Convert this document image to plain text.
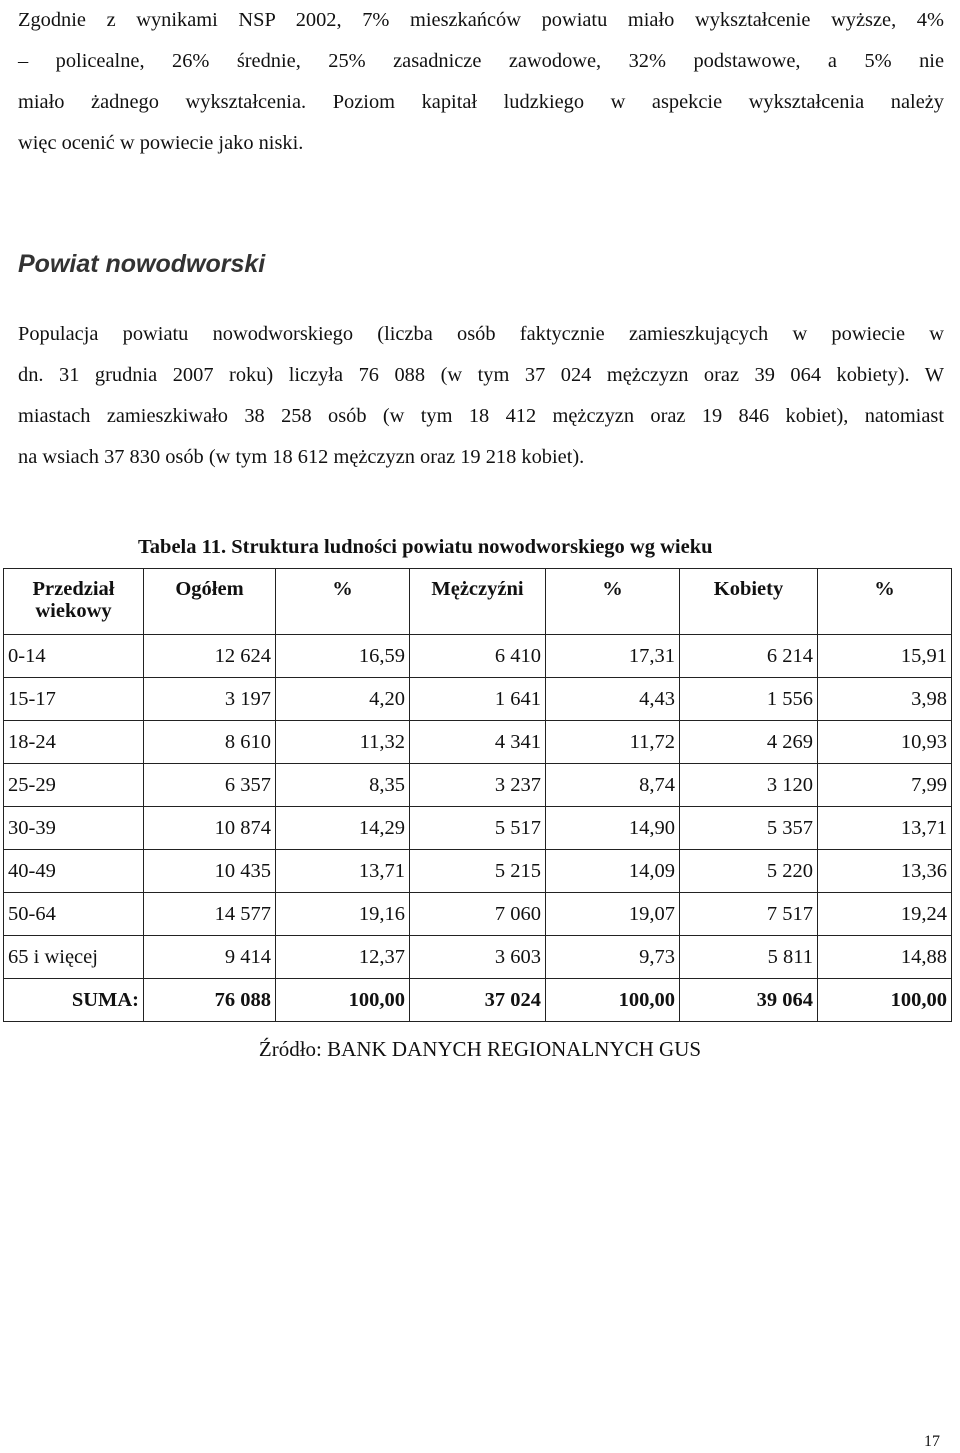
Zgodnie z wynikami NSP 2002, 7% mieszkańców powiatu miało wykształcenie wyższe, 4%
– policealne, 26% średnie, 25% zasadnicze zawodowe, 32% podstawowe, a 5% nie
miało żadnego wykształcenia. Poziom kapitał ludzkiego w aspekcie wykształcenia należy
więc ocenić w powiecie jako niski.
Powiat nowodworski
Populacja powiatu nowodworskiego (liczba osób faktycznie zamieszkujących w powiecie w
dn. 31 grudnia 2007 roku) liczyła 76 088 (w tym 37 024 mężczyzn oraz 39 064 kobiety). W
miastach zamieszkiwało 38 258 osób (w tym 18 412 mężczyzn oraz 19 846 kobiet), natomiast
na wsiach 37 830 osób (w tym 18 612 mężczyzn oraz 19 218 kobiet).

Tabela 11. Struktura ludności powiatu nowodworskiego wg wieku

Przedział wiekowy	Ogółem	%	Mężczyźni	%	Kobiety	%
0-14	12 624	16,59	6 410	17,31	6 214	15,91
15-17	3 197	4,20	1 641	4,43	1 556	3,98
18-24	8 610	11,32	4 341	11,72	4 269	10,93
25-29	6 357	8,35	3 237	8,74	3 120	7,99
30-39	10 874	14,29	5 517	14,90	5 357	13,71
40-49	10 435	13,71	5 215	14,09	5 220	13,36
50-64	14 577	19,16	7 060	19,07	7 517	19,24
65 i więcej	9 414	12,37	3 603	9,73	5 811	14,88
SUMA:	76 088	100,00	37 024	100,00	39 064	100,00

Źródło: BANK DANYCH REGIONALNYCH GUS

17
